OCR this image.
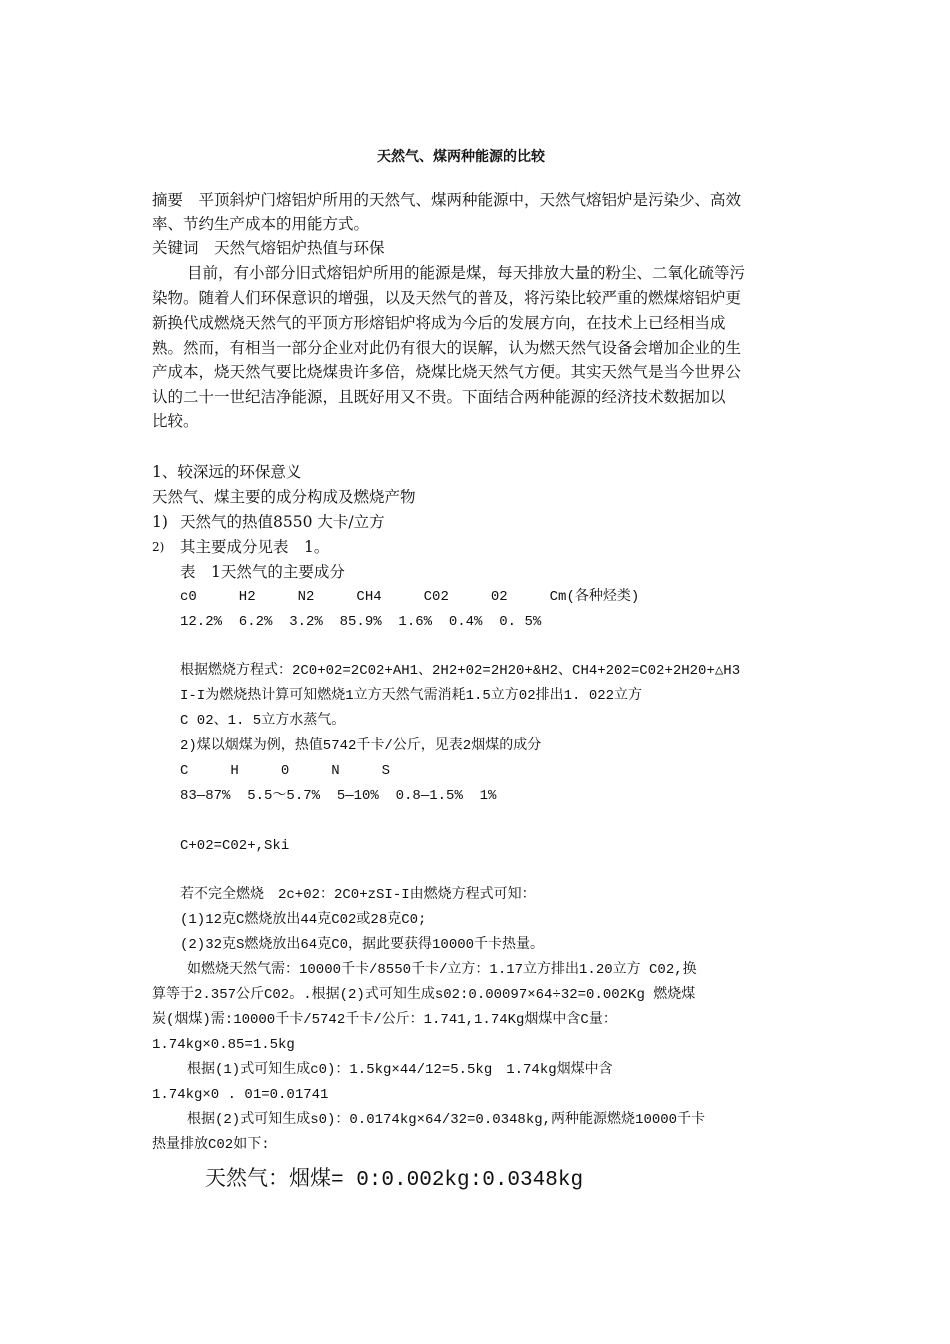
天然气、煤两种能源的比较
摘要　平顶斜炉门熔铝炉所用的天然气、煤两种能源中，天然气熔铝炉是污染少、高效
率、节约生产成本的用能方式。
关键词　天然气熔铝炉热值与环保
目前，有小部分旧式熔铝炉所用的能源是煤，每天排放大量的粉尘、二氧化硫等污
染物。随着人们环保意识的增强，以及天然气的普及，将污染比较严重的燃煤熔铝炉更
新换代成燃烧天然气的平顶方形熔铝炉将成为今后的发展方向，在技术上已经相当成
熟。然而，有相当一部分企业对此仍有很大的误解，认为燃天然气设备会增加企业的生
产成本，烧天然气要比烧煤贵许多倍，烧煤比烧天然气方便。其实天然气是当今世界公
认的二十一世纪洁净能源，且既好用又不贵。下面结合两种能源的经济技术数据加以
比较。
1、较深远的环保意义
天然气、煤主要的成分构成及燃烧产物
1) 天然气的热值8550 大卡/立方
2) 其主要成分见表　1。
表　1天然气的主要成分
c0     H2     N2     CH4     C02     02     Cm(各种烃类)
12.2%  6.2%  3.2%  85.9%  1.6%  0.4%  0. 5%
根据燃烧方程式：2C0+02=2C02+AH1、2H2+02=2H20+&H2、CH4+202=C02+2H20+△H3
I-I为燃烧热计算可知燃烧1立方天然气需消耗1.5立方02排出1. 022立方
C 02、1. 5立方水蒸气。
2)煤以烟煤为例，热值5742千卡/公斤，见表2烟煤的成分
C     H     0     N     S
83—87%  5.5～5.7%  5—10%  0.8—1.5%  1%
C+02=C02+,Ski
若不完全燃烧　2c+02：2C0+zSI-I由燃烧方程式可知：
(1)12克C燃烧放出44克C02或28克C0;
(2)32克S燃烧放出64克C0，据此要获得10000千卡热量。
如燃烧天然气需：10000千卡/8550千卡/立方：1.17立方排出1.20立方 C02,换
算等于2.357公斤C02。.根据(2)式可知生成s02:0.00097×64÷32=0.002Kg 燃烧煤
炭(烟煤)需:10000千卡/5742千卡/公斤：1.741,1.74Kg烟煤中含C量：
1.74kg×0.85=1.5kg
根据(1)式可知生成c0)：1.5kg×44/12=5.5kg　1.74kg烟煤中含
1.74kg×0 . 01=0.01741
根据(2)式可知生成s0)：0.0174kg×64/32=0.0348kg,两种能源燃烧10000千卡
热量排放C02如下:
天然气：烟煤= 0:0.002kg:0.0348kg
